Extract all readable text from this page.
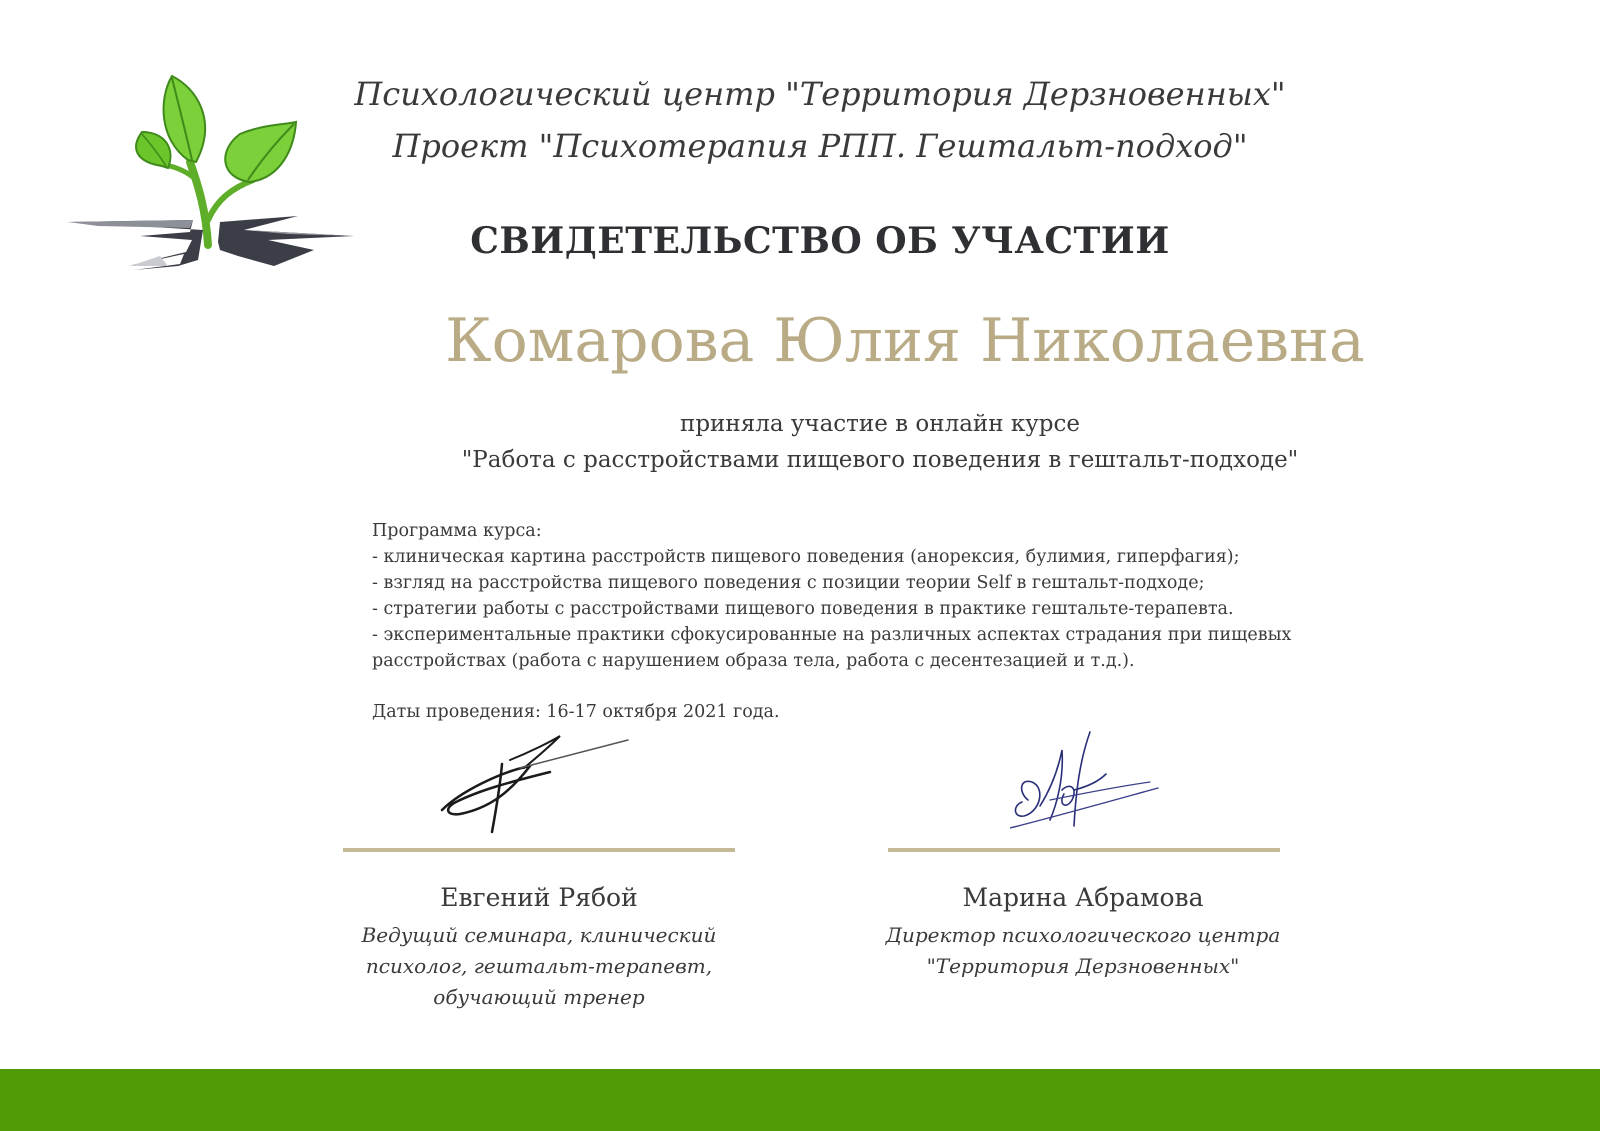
Психологический центр "Территория Дерзновенных"
Проект "Психотерапия РПП. Гештальт-подход"
СВИДЕТЕЛЬСТВО ОБ УЧАСТИИ
Комарова Юлия Николаевна
приняла участие в онлайн курсе
"Работа с расстройствами пищевого поведения в гештальт-подходе"
Программа курса:
- клиническая картина расстройств пищевого поведения (анорексия, булимия, гиперфагия);
- взгляд на расстройства пищевого поведения с позиции теории Self в гештальт-подходе;
- стратегии работы с расстройствами пищевого поведения в практике гештальте-терапевта.
- экспериментальные практики сфокусированные на различных аспектах страдания при пищевых
расстройствах (работа с нарушением образа тела, работа с десентезацией и т.д.).
Даты проведения: 16-17 октября 2021 года.
Евгений Рябой
Ведущий семинара, клинический
психолог, гештальт-терапевт,
обучающий тренер
Марина Абрамова
Директор психологического центра
"Территория Дерзновенных"
